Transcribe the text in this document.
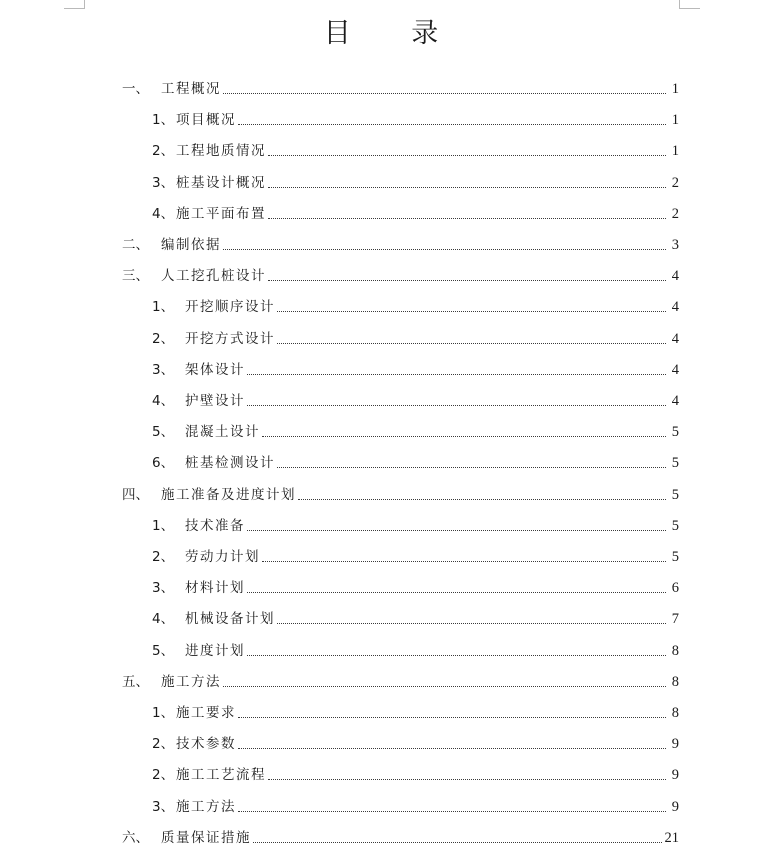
目 录
一、 工程概况	1
1、 项目概况	1
2、 工程地质情况	1
3、 桩基设计概况	2
4、 施工平面布置	2
二、 编制依据	3
三、 人工挖孔桩设计	4
1、 开挖顺序设计	4
2、 开挖方式设计	4
3、 架体设计	4
4、 护壁设计	4
5、 混凝土设计	5
6、 桩基检测设计	5
四、 施工准备及进度计划	5
1、 技术准备	5
2、 劳动力计划	5
3、 材料计划	6
4、 机械设备计划	7
5、 进度计划	8
五、 施工方法	8
1、 施工要求	8
2、 技术参数	9
2、 施工工艺流程	9
3、 施工方法	9
六、 质量保证措施	21
